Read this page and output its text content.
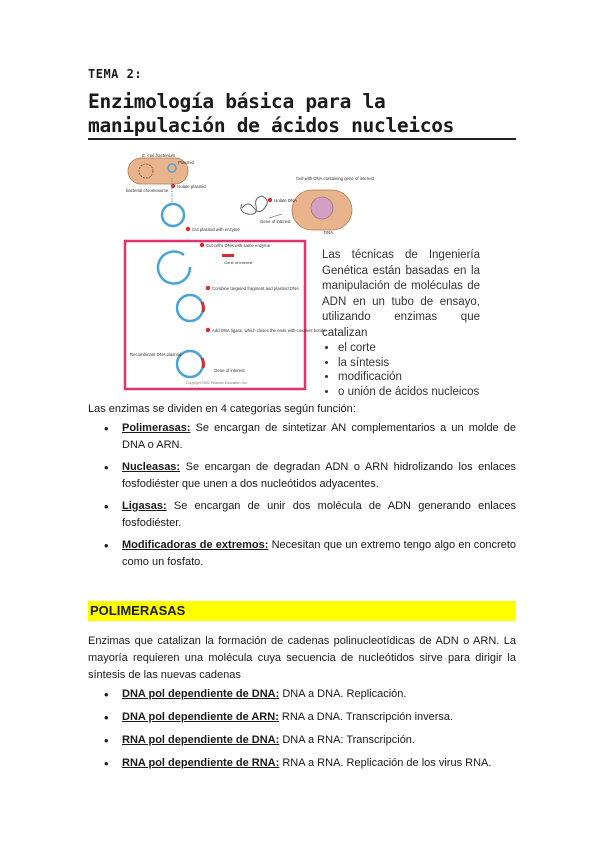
TEMA 2:
Enzimología básica para la manipulación de ácidos nucleicos
E. coli bacterium
Plasmid
bacterial chromosome
Isolate plasmid
Cut plasmid with enzyme
Cell with DNA containing gene of interest
DNA
Isolate DNA
Gene of interest
Cut cell's DNA with same enzyme
Gene of interest
Combine targeted fragment and plasmid DNA
Add DNA ligase, which closes the ends with covalent bonds
Recombinant DNA plasmid
Gene of interest
Copyright 2002 Pearson Education, Inc.
Las técnicas de Ingeniería Genética están basadas en la manipulación de moléculas de ADN en un tubo de ensayo, utilizando enzimas que catalizan
• el corte
• la síntesis
• modificación
• o unión de ácidos nucleicos
Las enzimas se dividen en 4 categorías según función:
• Polimerasas: Se encargan de sintetizar AN complementarios a un molde de DNA o ARN.
• Nucleasas: Se encargan de degradan ADN o ARN hidrolizando los enlaces fosfodiéster que unen a dos nucleótidos adyacentes.
• Ligasas: Se encargan de unir dos molécula de ADN generando enlaces fosfodiéster.
• Modificadoras de extremos: Necesitan que un extremo tengo algo en concreto como un fosfato.
POLIMERASAS
Enzimas que catalizan la formación de cadenas polinucleotídicas de ADN o ARN. La mayoría requieren una molécula cuya secuencia de nucleótidos sirve para dirigir la síntesis de las nuevas cadenas
• DNA pol dependiente de DNA: DNA a DNA. Replicación.
• DNA pol dependiente de ARN: RNA a DNA. Transcripción inversa.
• RNA pol dependiente de DNA: DNA a RNA: Transcripción.
• RNA pol dependiente de RNA: RNA a RNA. Replicación de los virus RNA.
